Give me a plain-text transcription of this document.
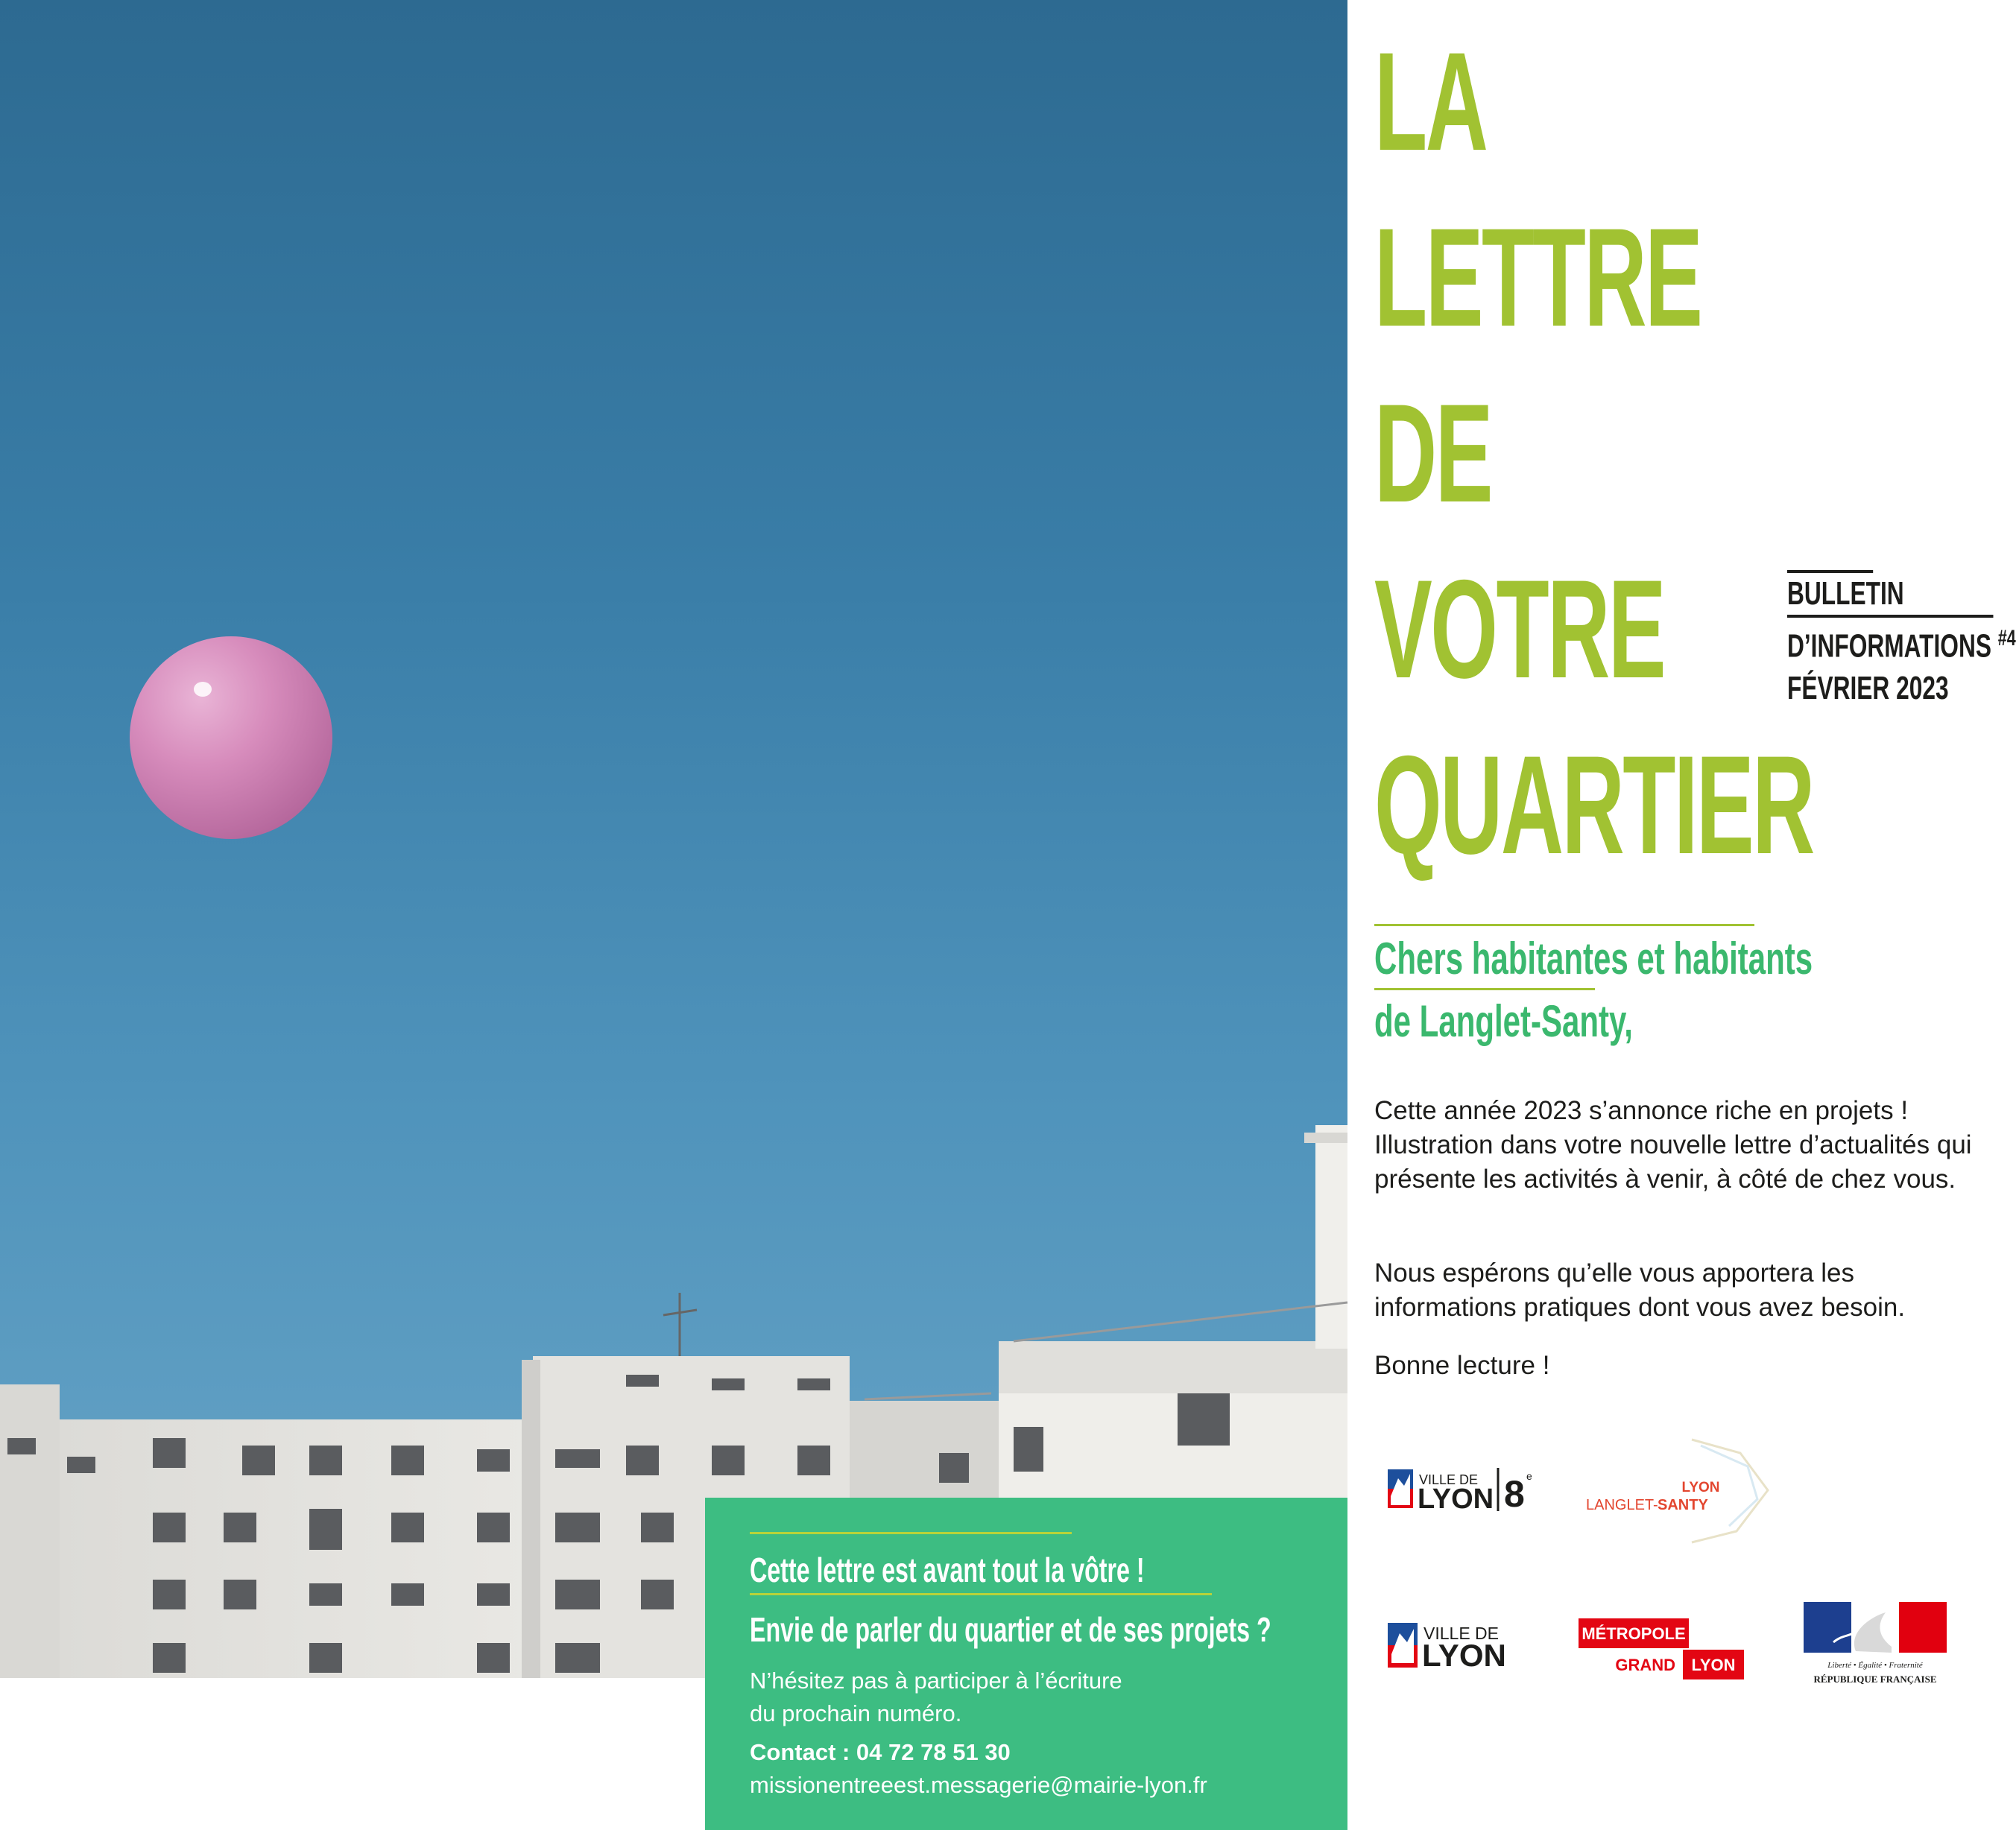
LA
LETTRE
DE
VOTRE
QUARTIER
BULLETIN
D’INFORMATIONS $^{\#4}$
FÉVRIER 2023
Chers habitantes et habitants
de Langlet-Santy,

Cette année 2023 s’annonce riche en projets ! Illustration dans votre nouvelle lettre d’actualités qui présente les activités à venir, à côté de chez vous.

Nous espérons qu’elle vous apportera les informations pratiques dont vous avez besoin.

Bonne lecture !

Cette lettre est avant tout la vôtre !
Envie de parler du quartier et de ses projets ?
N’hésitez pas à participer à l’écriture
du prochain numéro.
Contact : 04 72 78 51 30
missionentreeest.messagerie@mairie-lyon.fr
VILLE DE
LYON 8 e
LYON
LANGLET- SANTY
VILLE DE
LYON
MÉTROPOLE
GRAND LYON	Liberté • Égalité • Fraternité
RÉPUBLIQUE FRANÇAISE
